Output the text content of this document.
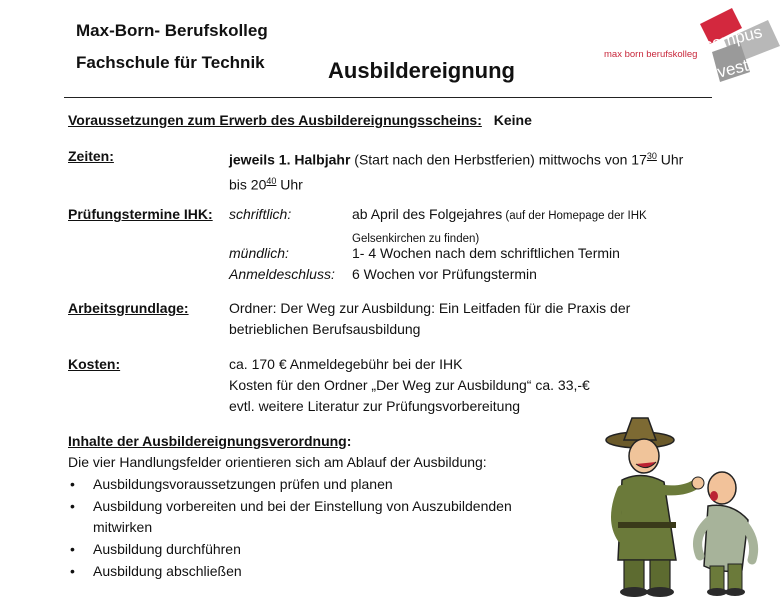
Max-Born- Berufskolleg
Fachschule für Technik	Ausbildereignung
max born berufskolleg campus
vest
Voraussetzungen zum Erwerb des Ausbildereignungsscheins: Keine
Zeiten:	jeweils 1. Halbjahr (Start nach den Herbstferien) mittwochs von $17^{30}$ Uhr
bis $20^{40}$ Uhr
Prüfungstermine IHK: schriftlich:	ab April des Folgejahres (auf der Homepage der IHK
Gelsenkirchen zu finden)
mündlich:	1- 4 Wochen nach dem schriftlichen Termin
Anmeldeschluss: 6 Wochen vor Prüfungstermin
Arbeitsgrundlage:	Ordner: Der Weg zur Ausbildung: Ein Leitfaden für die Praxis der
betrieblichen Berufsausbildung
Kosten:	ca. 170 € Anmeldegebühr bei der IHK
Kosten für den Ordner „Der Weg zur Ausbildung“ ca. 33,-€
evtl. weitere Literatur zur Prüfungsvorbereitung
Inhalte der Ausbildereignungsverordnung:
Die vier Handlungsfelder orientieren sich am Ablauf der Ausbildung:
• Ausbildungsvoraussetzungen prüfen und planen
• Ausbildung vorbereiten und bei der Einstellung von Auszubildenden mitwirken
• Ausbildung durchführen
• Ausbildung abschließen
